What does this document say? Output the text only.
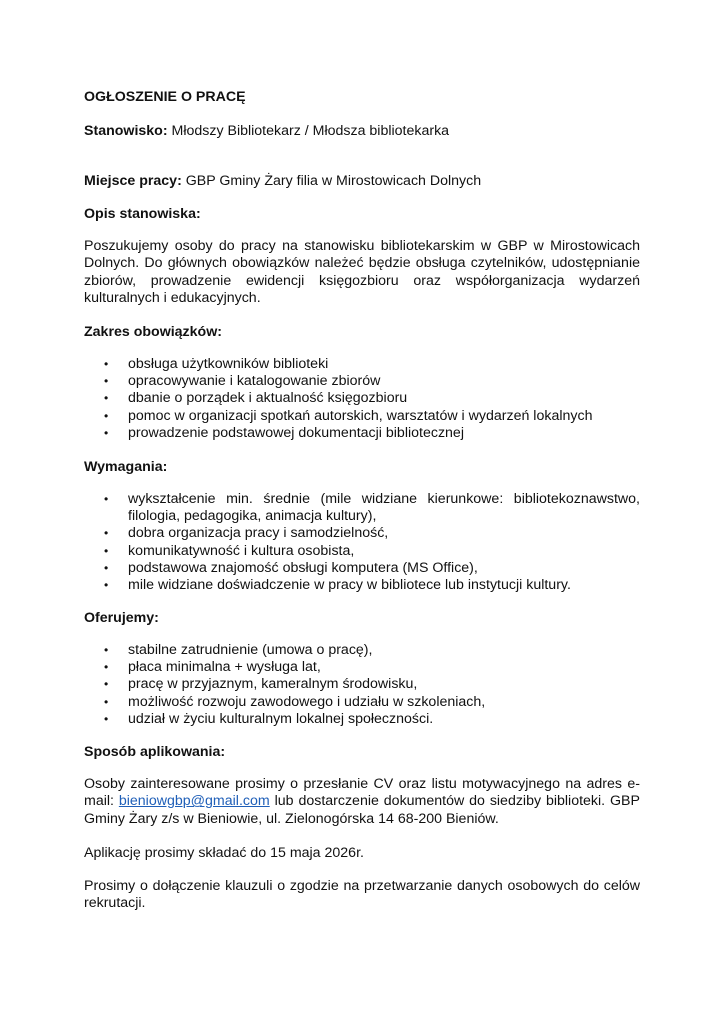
OGŁOSZENIE O PRACĘ
Stanowisko: Młodszy Bibliotekarz / Młodsza bibliotekarka
Miejsce pracy: GBP Gminy Żary filia w Mirostowicach Dolnych
Opis stanowiska:
Poszukujemy osoby do pracy na stanowisku bibliotekarskim w GBP w Mirostowicach Dolnych. Do głównych obowiązków należeć będzie obsługa czytelników, udostępnianie zbiorów, prowadzenie ewidencji księgozbioru oraz współorganizacja wydarzeń kulturalnych i edukacyjnych.
Zakres obowiązków:
• obsługa użytkowników biblioteki
• opracowywanie i katalogowanie zbiorów
• dbanie o porządek i aktualność księgozbioru
• pomoc w organizacji spotkań autorskich, warsztatów i wydarzeń lokalnych
• prowadzenie podstawowej dokumentacji bibliotecznej
Wymagania:
• wykształcenie min. średnie (mile widziane kierunkowe: bibliotekoznawstwo, filologia, pedagogika, animacja kultury),
• dobra organizacja pracy i samodzielność,
• komunikatywność i kultura osobista,
• podstawowa znajomość obsługi komputera (MS Office),
• mile widziane doświadczenie w pracy w bibliotece lub instytucji kultury.
Oferujemy:
• stabilne zatrudnienie (umowa o pracę),
• płaca minimalna + wysługa lat,
• pracę w przyjaznym, kameralnym środowisku,
• możliwość rozwoju zawodowego i udziału w szkoleniach,
• udział w życiu kulturalnym lokalnej społeczności.
Sposób aplikowania:
Osoby zainteresowane prosimy o przesłanie CV oraz listu motywacyjnego na adres e-mail: bieniowgbp@gmail.com lub dostarczenie dokumentów do siedziby biblioteki. GBP Gminy Żary z/s w Bieniowie, ul. Zielonogórska 14 68-200 Bieniów.
Aplikację prosimy składać do 15 maja 2026r.
Prosimy o dołączenie klauzuli o zgodzie na przetwarzanie danych osobowych do celów rekrutacji.
